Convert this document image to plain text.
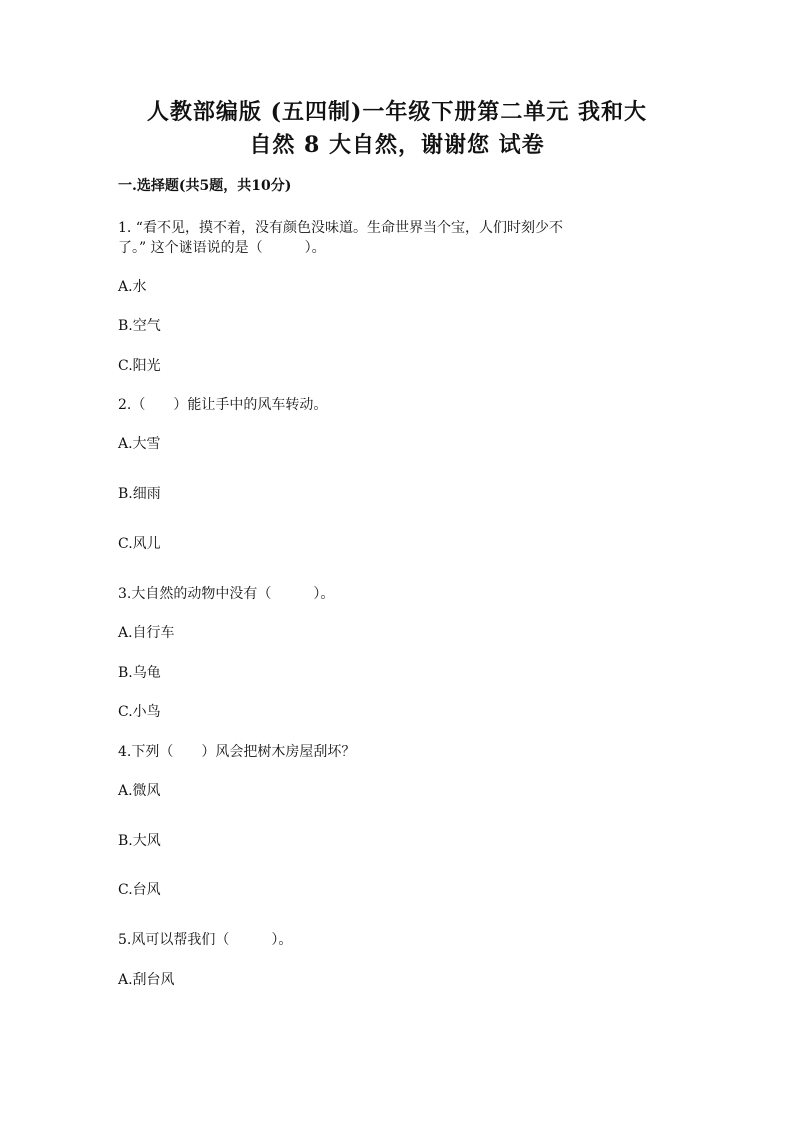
人教部编版 (五四制)一年级下册第二单元 我和大
自然 8 大自然，谢谢您 试卷
一.选择题(共5题，共10分)
1. “看不见，摸不着，没有颜色没味道。生命世界当个宝，人们时刻少不
了。” 这个谜语说的是（　　　）。
A.水
B.空气
C.阳光
2.（　　）能让手中的风车转动。
A.大雪
B.细雨
C.风儿
3.大自然的动物中没有（　　　）。
A.自行车
B.乌龟
C.小鸟
4.下列（　　）风会把树木房屋刮坏？
A.微风
B.大风
C.台风
5.风可以帮我们（　　　）。
A.刮台风
